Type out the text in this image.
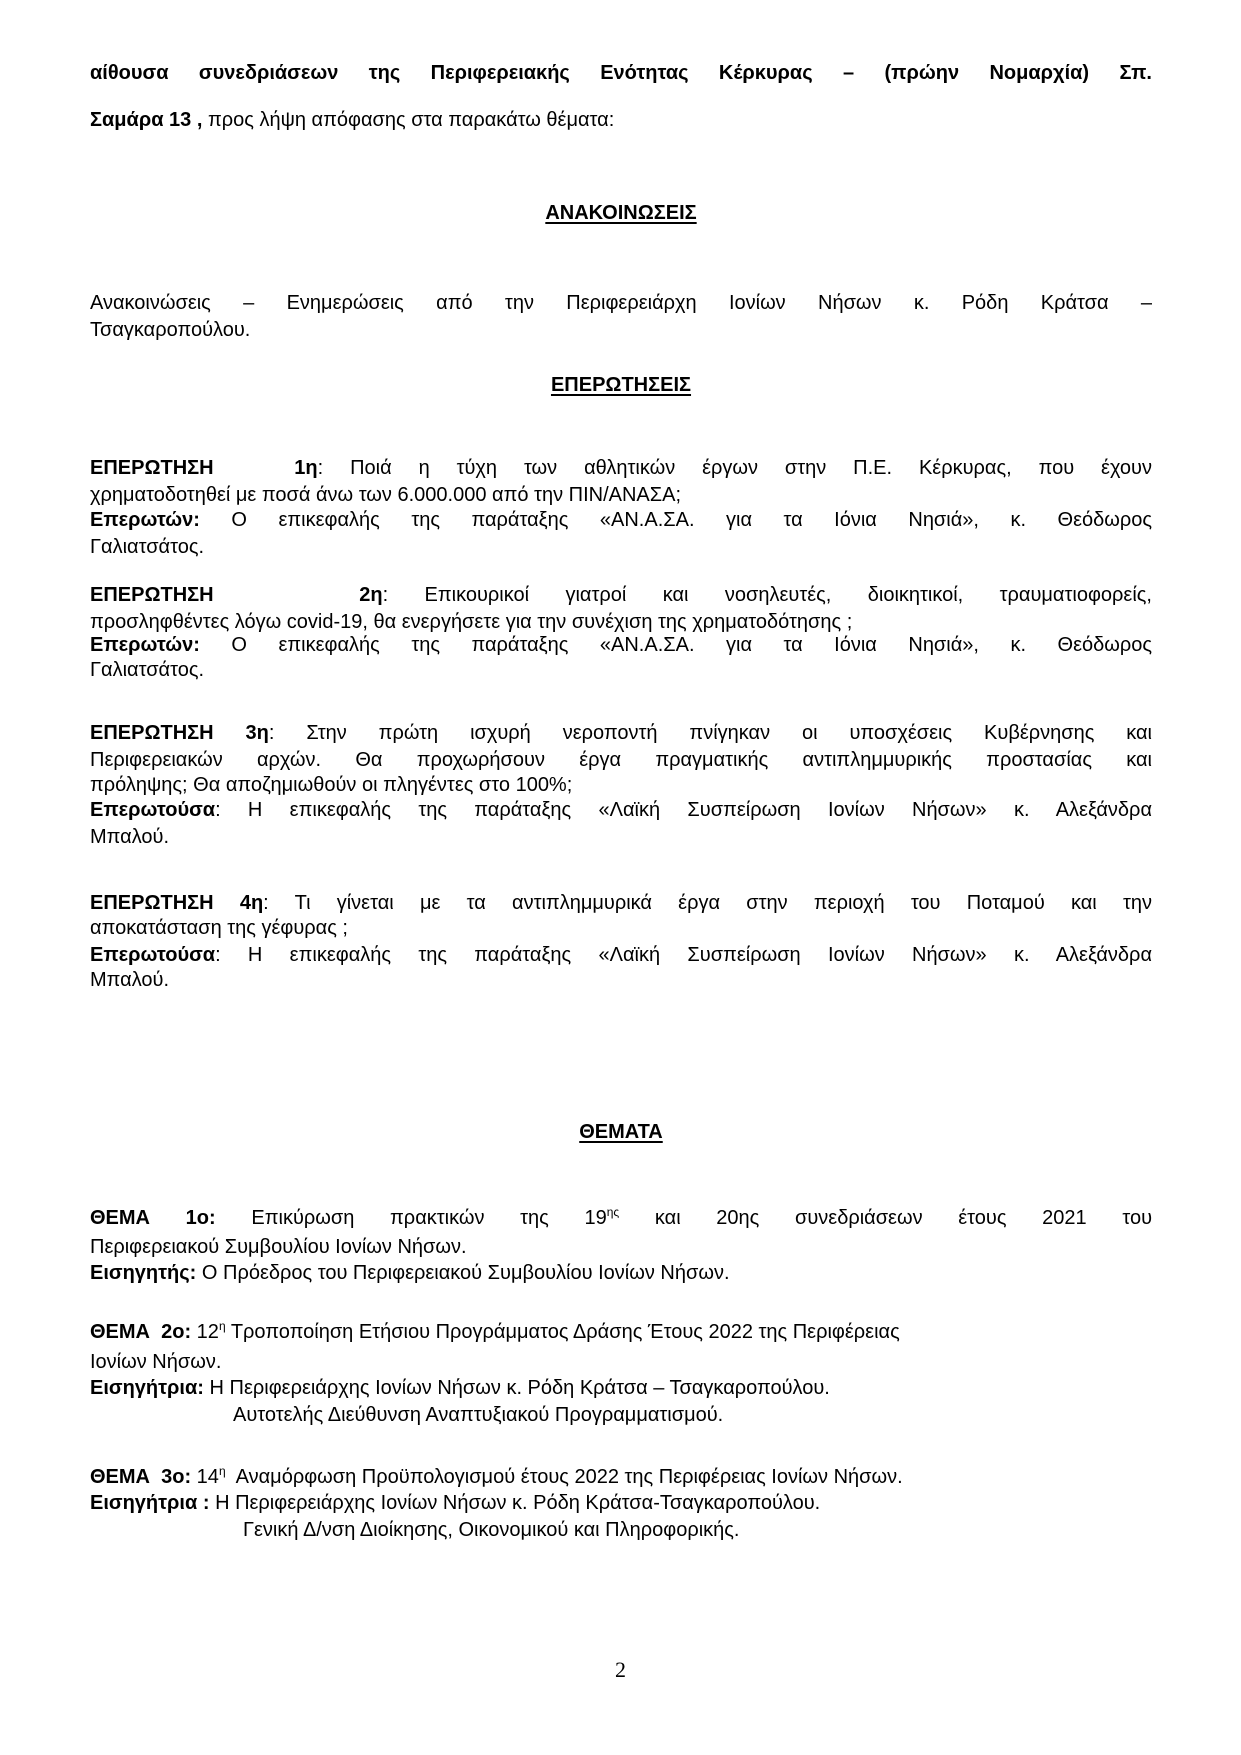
αίθουσα συνεδριάσεων της Περιφερειακής Ενότητας Κέρκυρας – (πρώην Νομαρχία) Σπ.
Σαμάρα 13 , προς λήψη απόφασης στα παρακάτω θέματα:
ΑΝΑΚΟΙΝΩΣΕΙΣ
Ανακοινώσεις – Ενημερώσεις από την Περιφερειάρχη Ιονίων Νήσων κ. Ρόδη Κράτσα –
Τσαγκαροπούλου.
ΕΠΕΡΩΤΗΣΕΙΣ
ΕΠΕΡΩΤΗΣΗ   1η: Ποιά η τύχη των αθλητικών έργων στην Π.Ε. Κέρκυρας, που έχουν
χρηματοδοτηθεί με ποσά άνω των 6.000.000 από την ΠΙΝ/ΑΝΑΣΑ;
Επερωτών: Ο επικεφαλής της παράταξης «ΑΝ.Α.ΣΑ. για τα Ιόνια Νησιά», κ. Θεόδωρος
Γαλιατσάτος.
ΕΠΕΡΩΤΗΣΗ    2η: Επικουρικοί γιατροί και νοσηλευτές, διοικητικοί, τραυματιοφορείς,
προσληφθέντες λόγω covid-19, θα ενεργήσετε για την συνέχιση της χρηματοδότησης ;
Επερωτών: Ο επικεφαλής της παράταξης «ΑΝ.Α.ΣΑ. για τα Ιόνια Νησιά», κ. Θεόδωρος
Γαλιατσάτος.
ΕΠΕΡΩΤΗΣΗ 3η: Στην πρώτη ισχυρή νεροποντή πνίγηκαν οι υποσχέσεις Κυβέρνησης και
Περιφερειακών αρχών. Θα προχωρήσουν έργα πραγματικής αντιπλημμυρικής προστασίας και
πρόληψης; Θα αποζημιωθούν οι πληγέντες στο 100%;
Επερωτούσα: Η επικεφαλής της παράταξης «Λαϊκή Συσπείρωση Ιονίων Νήσων» κ. Αλεξάνδρα
Μπαλού.
ΕΠΕΡΩΤΗΣΗ 4η: Τι γίνεται με τα αντιπλημμυρικά έργα στην περιοχή του Ποταμού και την
αποκατάσταση της γέφυρας ;
Επερωτούσα: Η επικεφαλής της παράταξης «Λαϊκή Συσπείρωση Ιονίων Νήσων» κ. Αλεξάνδρα
Μπαλού.
ΘΕΜΑΤΑ
ΘΕΜΑ 1ο: Επικύρωση πρακτικών της $19^{\eta\varsigma}$ και 20ης συνεδριάσεων έτους 2021 του
Περιφερειακού Συμβουλίου Ιονίων Νήσων.
Εισηγητής: Ο Πρόεδρος του Περιφερειακού Συμβουλίου Ιονίων Νήσων.
ΘΕΜΑ  2ο: $12^\eta$ Τροποποίηση Ετήσιου Προγράμματος Δράσης Έτους 2022 της Περιφέρειας
Ιονίων Νήσων.
Εισηγήτρια: Η Περιφερειάρχης Ιονίων Νήσων κ. Ρόδη Κράτσα – Τσαγκαροπούλου.
Αυτοτελής Διεύθυνση Αναπτυξιακού Προγραμματισμού.
ΘΕΜΑ  3ο: $14^\eta$  Αναμόρφωση Προϋπολογισμού έτους 2022 της Περιφέρειας Ιονίων Νήσων.
Εισηγήτρια : Η Περιφερειάρχης Ιονίων Νήσων κ. Ρόδη Κράτσα-Τσαγκαροπούλου.
Γενική Δ/νση Διοίκησης, Οικονομικού και Πληροφορικής.
2
